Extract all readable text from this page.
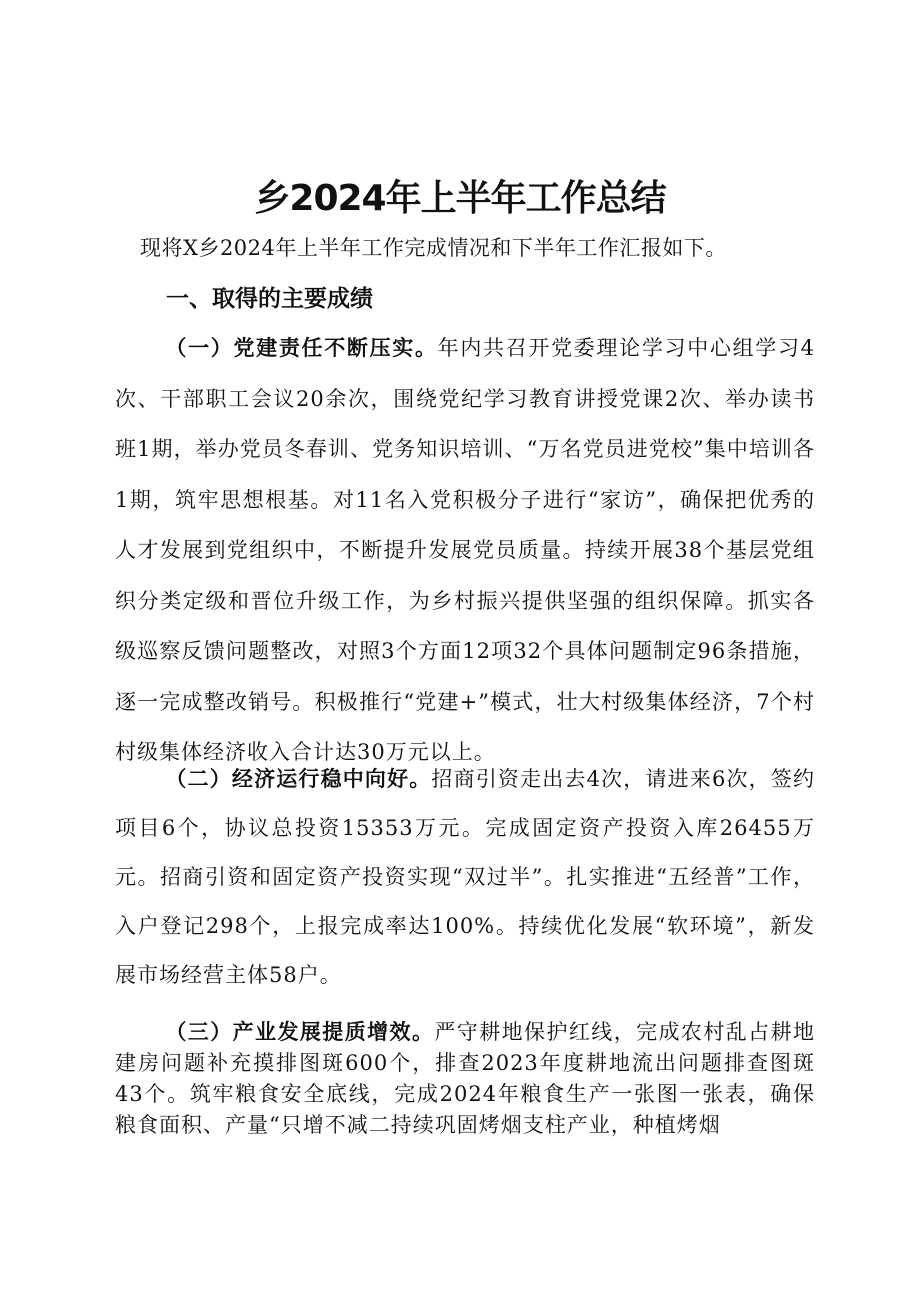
乡2024年上半年工作总结
现将X乡2024年上半年工作完成情况和下半年工作汇报如下。
一、取得的主要成绩
（一）党建责任不断压实。年内共召开党委理论学习中心组学习4次、干部职工会议20余次，围绕党纪学习教育讲授党课2次、举办读书班1期，举办党员冬春训、党务知识培训、“万名党员进党校”集中培训各1期，筑牢思想根基。对11名入党积极分子进行“家访”，确保把优秀的人才发展到党组织中，不断提升发展党员质量。持续开展38个基层党组织分类定级和晋位升级工作，为乡村振兴提供坚强的组织保障。抓实各级巡察反馈问题整改，对照3个方面12项32个具体问题制定96条措施，逐一完成整改销号。积极推行“党建+”模式，壮大村级集体经济，7个村村级集体经济收入合计达30万元以上。
（二）经济运行稳中向好。招商引资走出去4次，请进来6次，签约项目6个，协议总投资15353万元。完成固定资产投资入库26455万元。招商引资和固定资产投资实现“双过半”。扎实推进“五经普”工作，入户登记298个，上报完成率达100%。持续优化发展“软环境”，新发展市场经营主体58户。
（三）产业发展提质增效。严守耕地保护红线，完成农村乱占耕地建房问题补充摸排图斑600个，排查2023年度耕地流出问题排查图斑43个。筑牢粮食安全底线，完成2024年粮食生产一张图一张表，确保粮食面积、产量“只增不减二持续巩固烤烟支柱产业，种植烤烟
